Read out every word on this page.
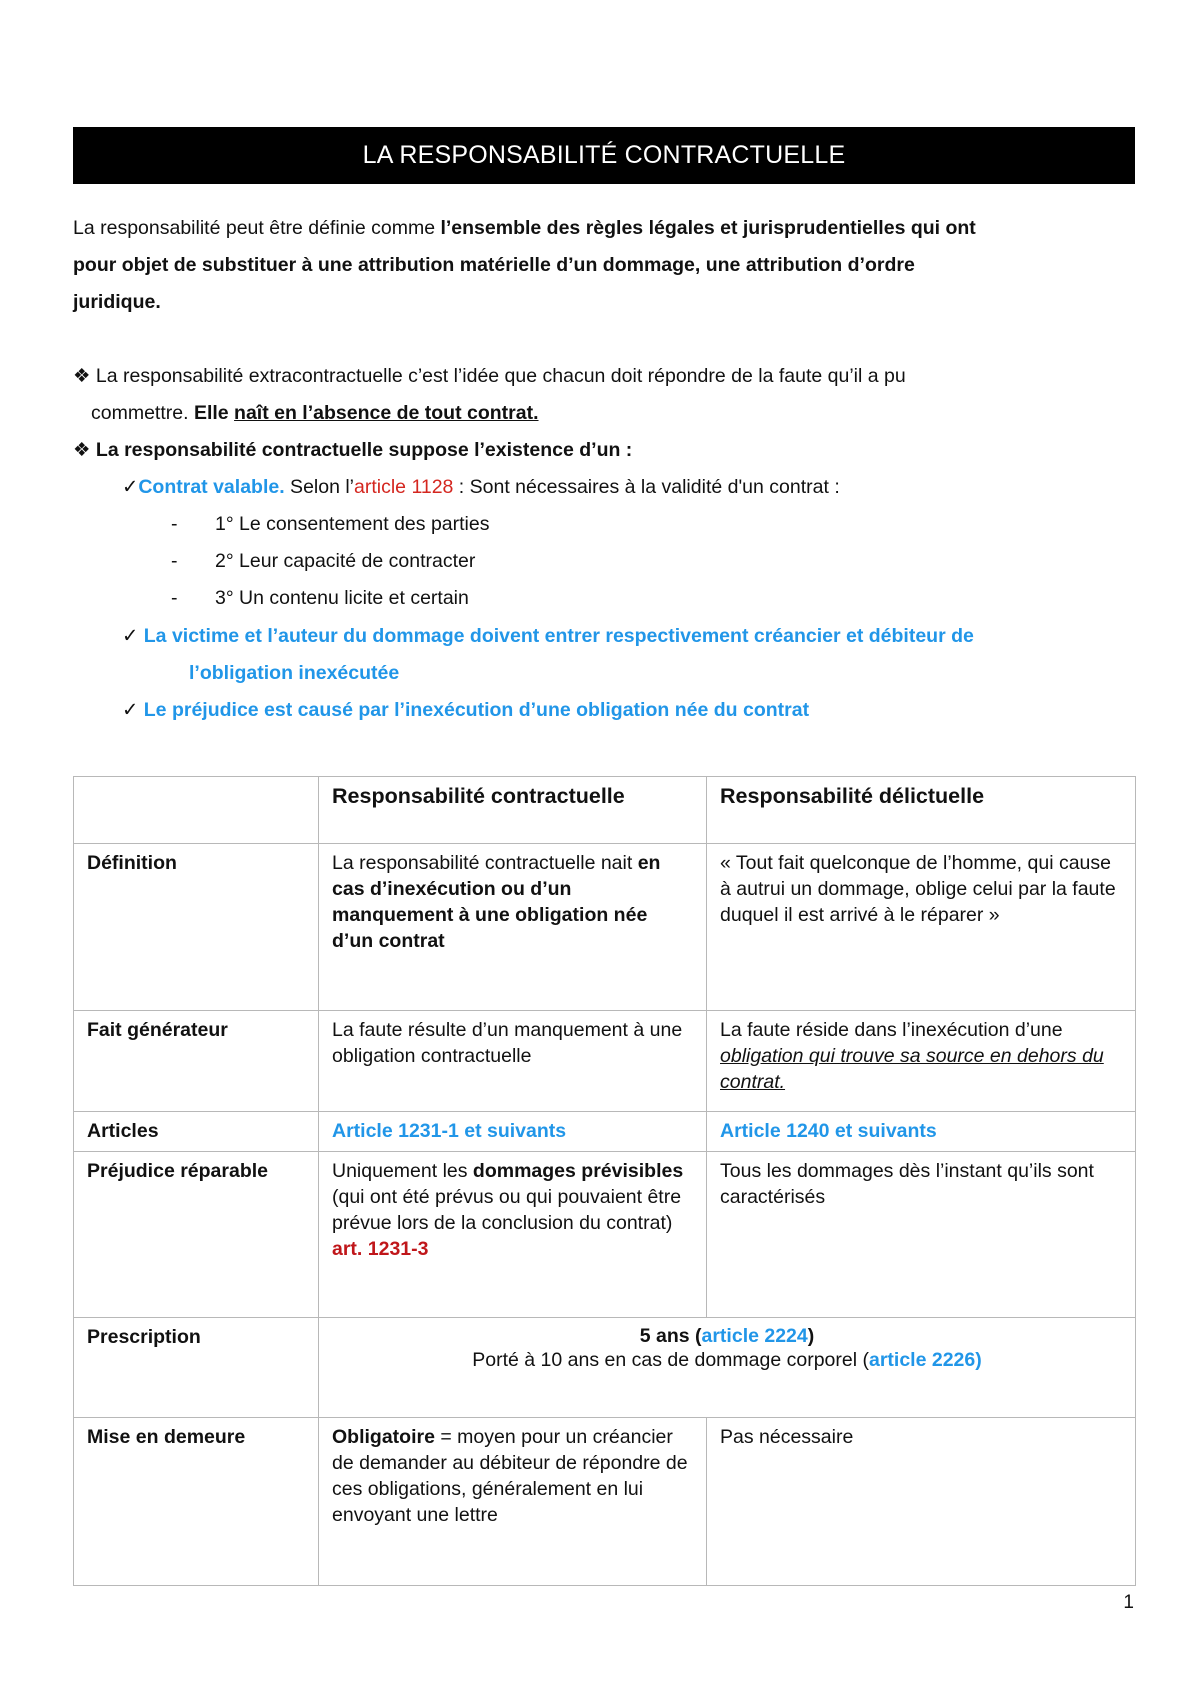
LA RESPONSABILITÉ CONTRACTUELLE
La responsabilité peut être définie comme l’ensemble des règles légales et jurisprudentielles qui ont
pour objet de substituer à une attribution matérielle d’un dommage, une attribution d’ordre
juridique.
❖ La responsabilité extracontractuelle c’est l’idée que chacun doit répondre de la faute qu’il a pu
commettre. Elle naît en l’absence de tout contrat.
❖ La responsabilité contractuelle suppose l’existence d’un :
✓Contrat valable. Selon l’article 1128 : Sont nécessaires à la validité d'un contrat :
- 1° Le consentement des parties
- 2° Leur capacité de contracter
- 3° Un contenu licite et certain
✓ La victime et l’auteur du dommage doivent entrer respectivement créancier et débiteur de
l’obligation inexécutée
✓ Le préjudice est causé par l’inexécution d’une obligation née du contrat
	Responsabilité contractuelle	Responsabilité délictuelle
Définition	La responsabilité contractuelle nait en cas d’inexécution ou d’un manquement à une obligation née d’un contrat	« Tout fait quelconque de l’homme, qui cause à autrui un dommage, oblige celui par la faute duquel il est arrivé à le réparer »
Fait générateur	La faute résulte d’un manquement à une obligation contractuelle	La faute réside dans l’inexécution d’une obligation qui trouve sa source en dehors du contrat.
Articles	Article 1231-1 et suivants	Article 1240 et suivants
Préjudice réparable	Uniquement les dommages prévisibles (qui ont été prévus ou qui pouvaient être prévue lors de la conclusion du contrat) art. 1231-3	Tous les dommages dès l’instant qu’ils sont caractérisés
Prescription	5 ans (article 2224)
Porté à 10 ans en cas de dommage corporel (article 2226)	

Mise en demeure	Obligatoire = moyen pour un créancier de demander au débiteur de répondre de ces obligations, généralement en lui envoyant une lettre	Pas nécessaire
1
